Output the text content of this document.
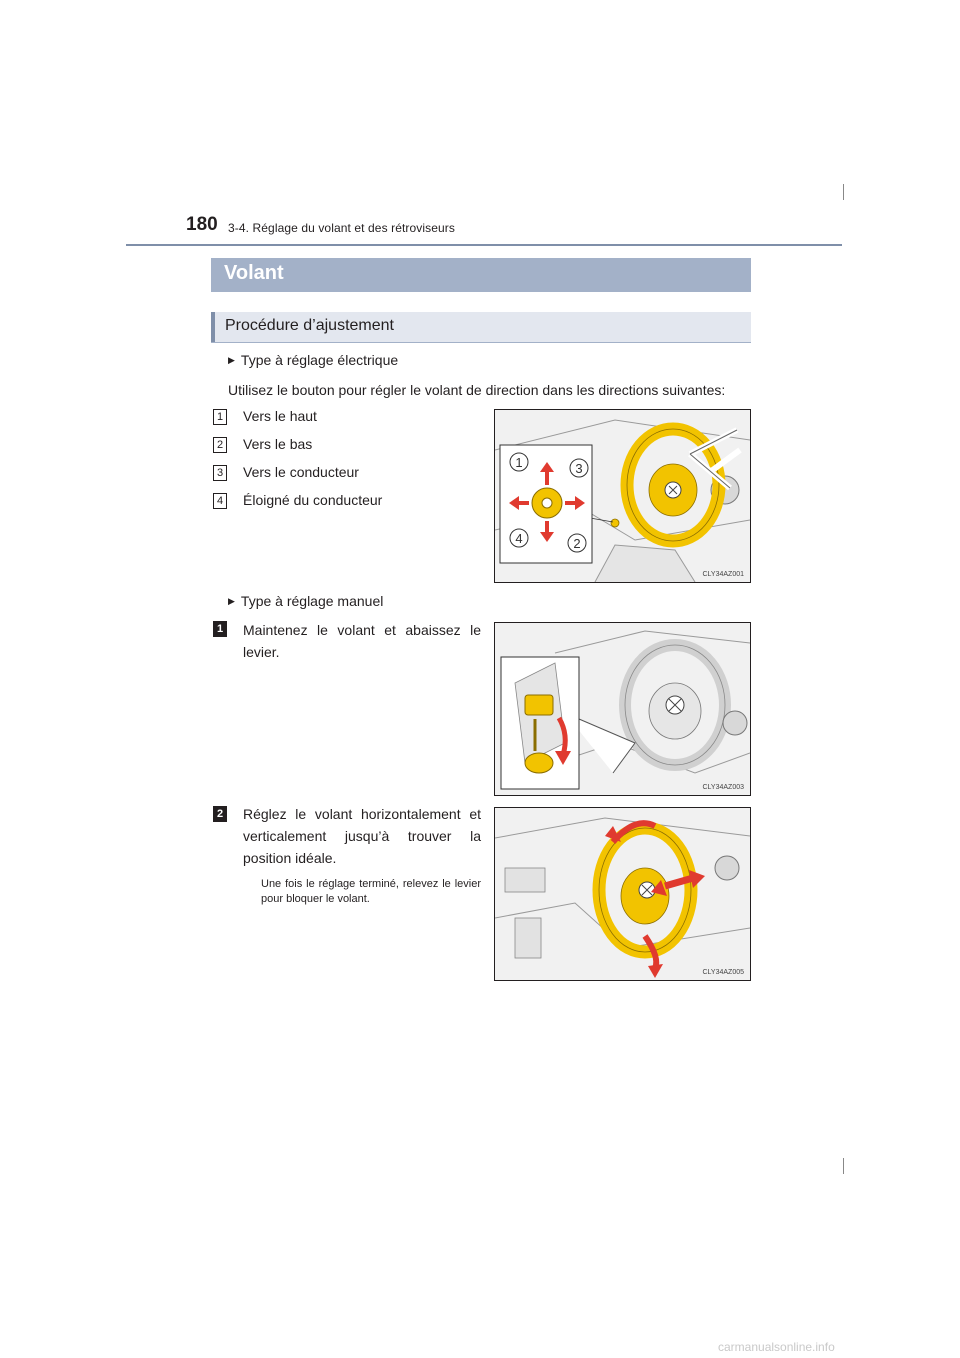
180 3-4. Réglage du volant et des rétroviseurs
Volant
Procédure d’ajustement
▶ Type à réglage électrique
Utilisez le bouton pour régler le volant de direction dans les directions suivantes:
1 Vers le haut
2 Vers le bas
3 Vers le conducteur
4 Éloigné du conducteur
1	3
4	2
CLY34AZ001
▶ Type à réglage manuel
1 Maintenez le volant et abaissez le levier.
CLY34AZ003
2 Réglez le volant horizontalement et verticalement jusqu’à trouver la position idéale.
Une fois le réglage terminé, relevez le levier pour bloquer le volant.
CLY34AZ005
carmanualsonline.info
